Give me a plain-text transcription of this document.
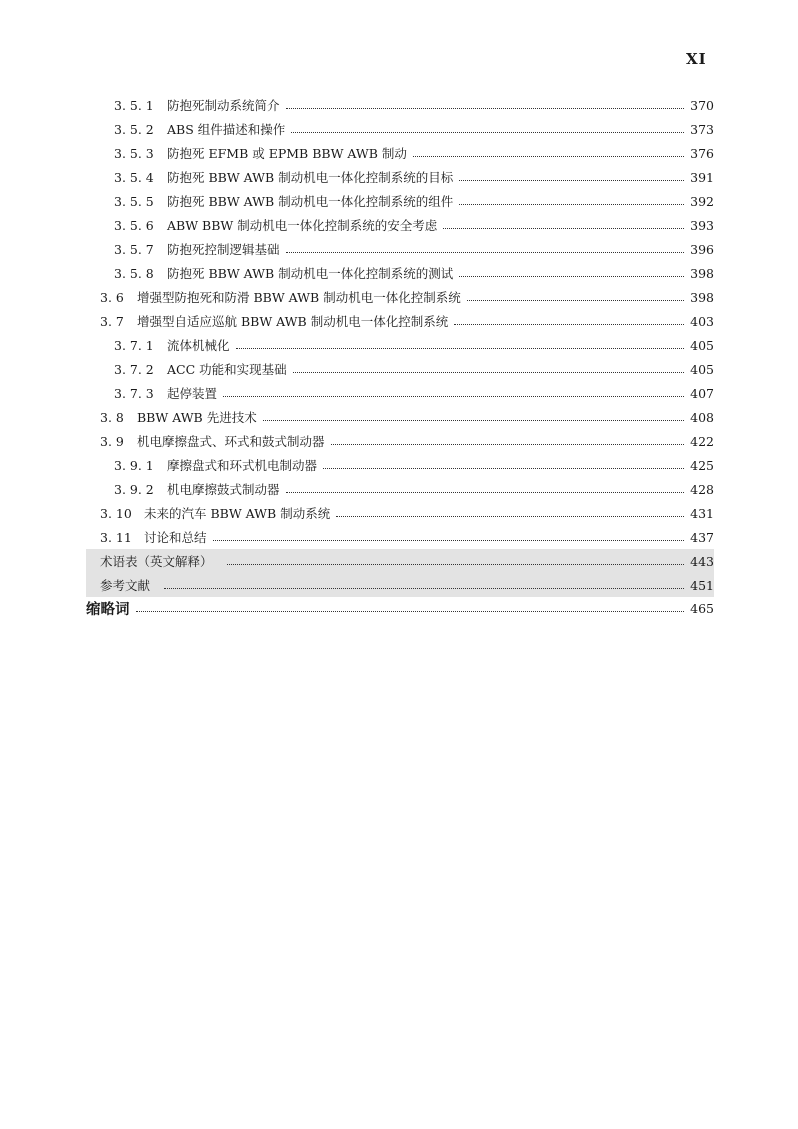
XI
3. 5. 1	防抱死制动系统简介	370
3. 5. 2	ABS 组件描述和操作	373
3. 5. 3	防抱死 EFMB 或 EPMB BBW AWB 制动	376
3. 5. 4	防抱死 BBW AWB 制动机电一体化控制系统的目标	391
3. 5. 5	防抱死 BBW AWB 制动机电一体化控制系统的组件	392
3. 5. 6	ABW BBW 制动机电一体化控制系统的安全考虑	393
3. 5. 7	防抱死控制逻辑基础	396
3. 5. 8	防抱死 BBW AWB 制动机电一体化控制系统的测试	398
3. 6	增强型防抱死和防滑 BBW AWB 制动机电一体化控制系统	398
3. 7	增强型自适应巡航 BBW AWB 制动机电一体化控制系统	403
3. 7. 1	流体机械化	405
3. 7. 2	ACC 功能和实现基础	405
3. 7. 3	起停装置	407
3. 8	BBW AWB 先进技术	408
3. 9	机电摩擦盘式、环式和鼓式制动器	422
3. 9. 1	摩擦盘式和环式机电制动器	425
3. 9. 2	机电摩擦鼓式制动器	428
3. 10 未来的汽车 BBW AWB 制动系统	431
3. 11 讨论和总结	437
术语表（英文解释）	443
参考文献	451
缩略词	465
